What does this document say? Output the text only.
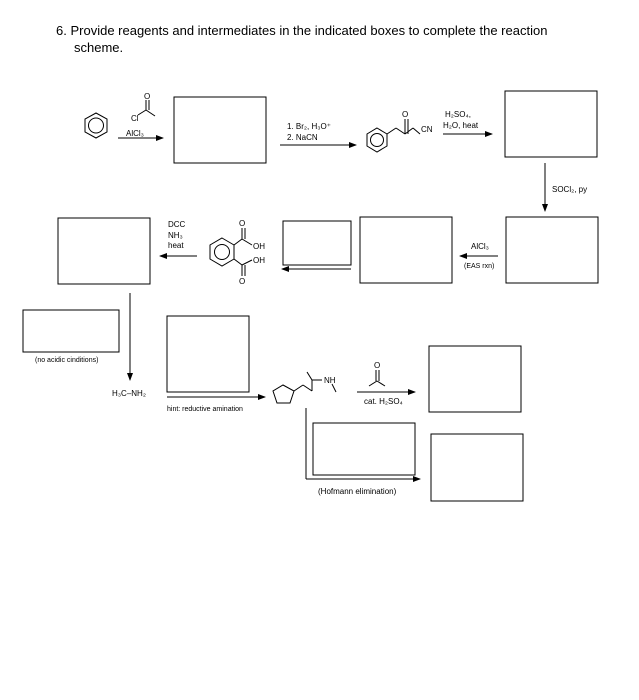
6. Provide reagents and intermediates in the indicated boxes to complete the reaction
scheme.
Cl
O
AlCl₃
1. Br₂, H₃O⁺
2. NaCN
O
CN
H₂SO₄,
H₂O, heat
SOCl₂, py
AlCl₃
(EAS rxn)
O
O
OH
OH
DCC
NH₃
heat
(no acidic cinditions)
H₃C–NH₂
hint: reductive amination
NH
O
cat. H₂SO₄
(Hofmann elimination)
